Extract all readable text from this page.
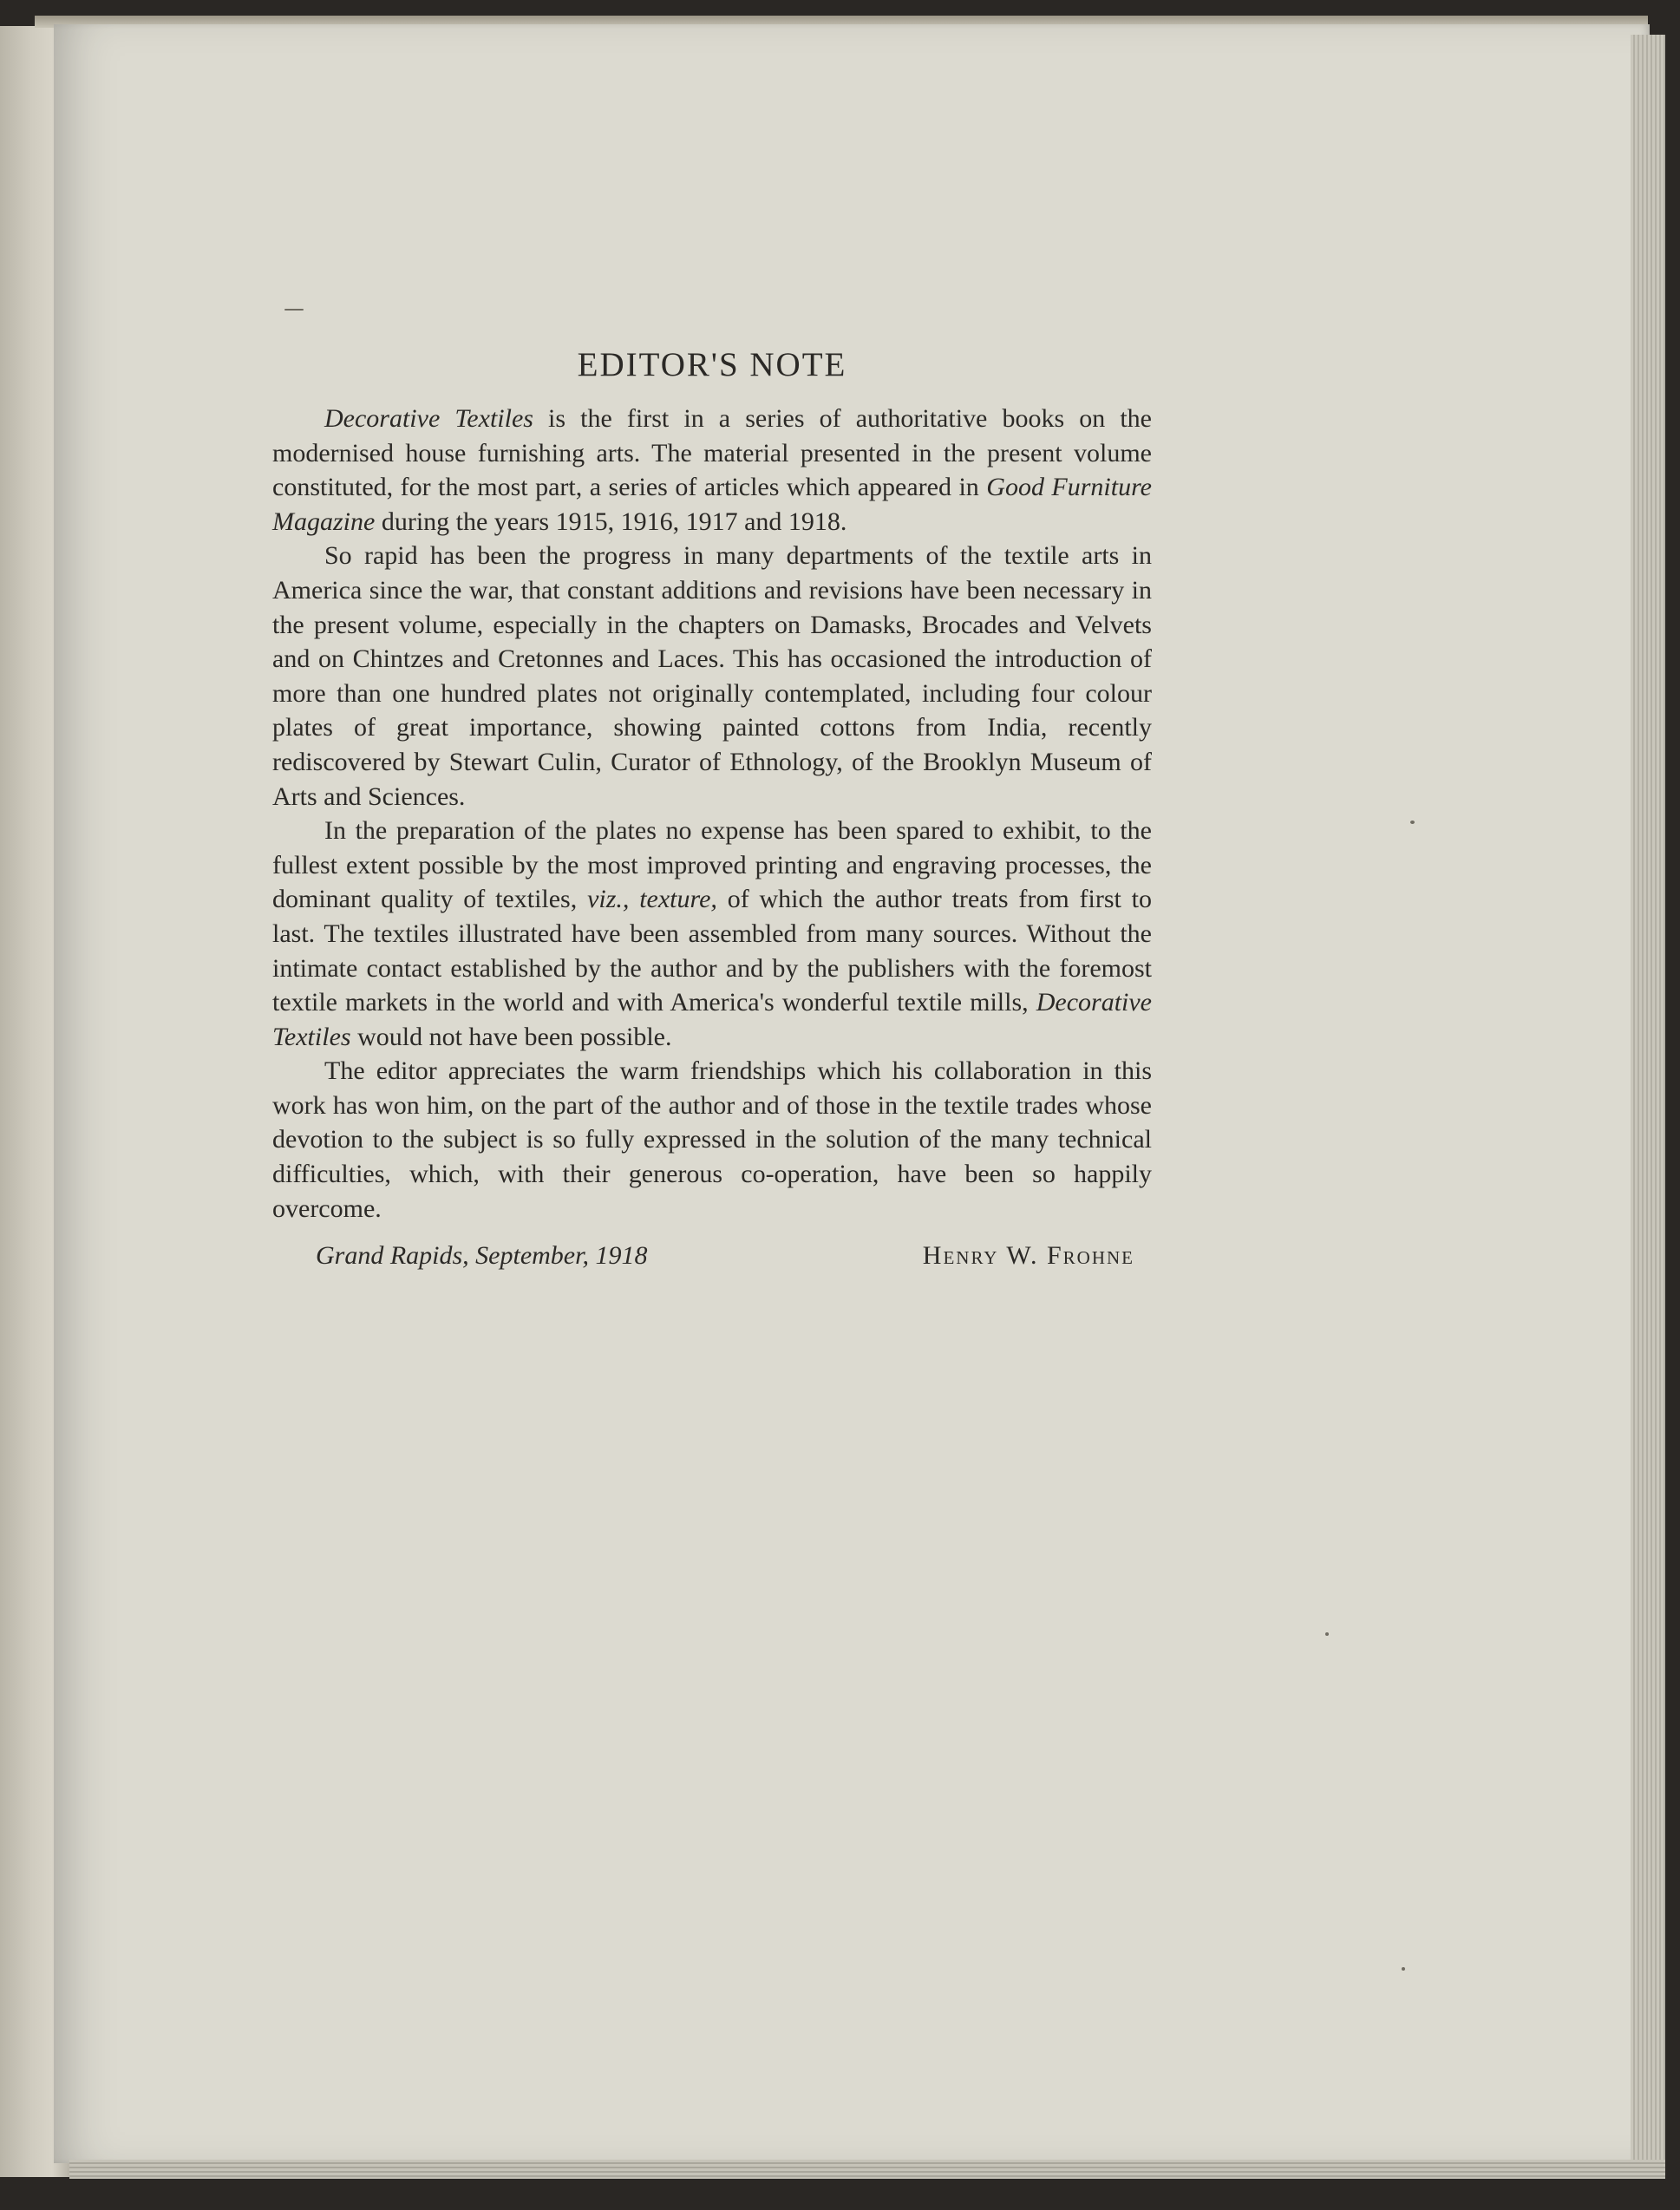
EDITOR'S NOTE

Decorative Textiles is the first in a series of authoritative books on the modernised house furnishing arts. The material presented in the present volume constituted, for the most part, a series of articles which appeared in Good Furniture Magazine during the years 1915, 1916, 1917 and 1918.

So rapid has been the progress in many departments of the textile arts in America since the war, that constant additions and revisions have been necessary in the present volume, especially in the chapters on Damasks, Brocades and Velvets and on Chintzes and Cretonnes and Laces. This has occasioned the introduction of more than one hundred plates not originally contemplated, including four colour plates of great importance, showing painted cottons from India, recently rediscovered by Stewart Culin, Curator of Ethnology, of the Brooklyn Museum of Arts and Sciences.

In the preparation of the plates no expense has been spared to exhibit, to the fullest extent possible by the most improved printing and engraving processes, the dominant quality of textiles, viz., texture, of which the author treats from first to last. The textiles illustrated have been assembled from many sources. Without the intimate contact established by the author and by the publishers with the foremost textile markets in the world and with America's wonderful textile mills, Decorative Textiles would not have been possible.

The editor appreciates the warm friendships which his collaboration in this work has won him, on the part of the author and of those in the textile trades whose devotion to the subject is so fully expressed in the solution of the many technical difficulties, which, with their generous co-operation, have been so happily overcome.

Grand Rapids, September, 1918	Henry W. Frohne
